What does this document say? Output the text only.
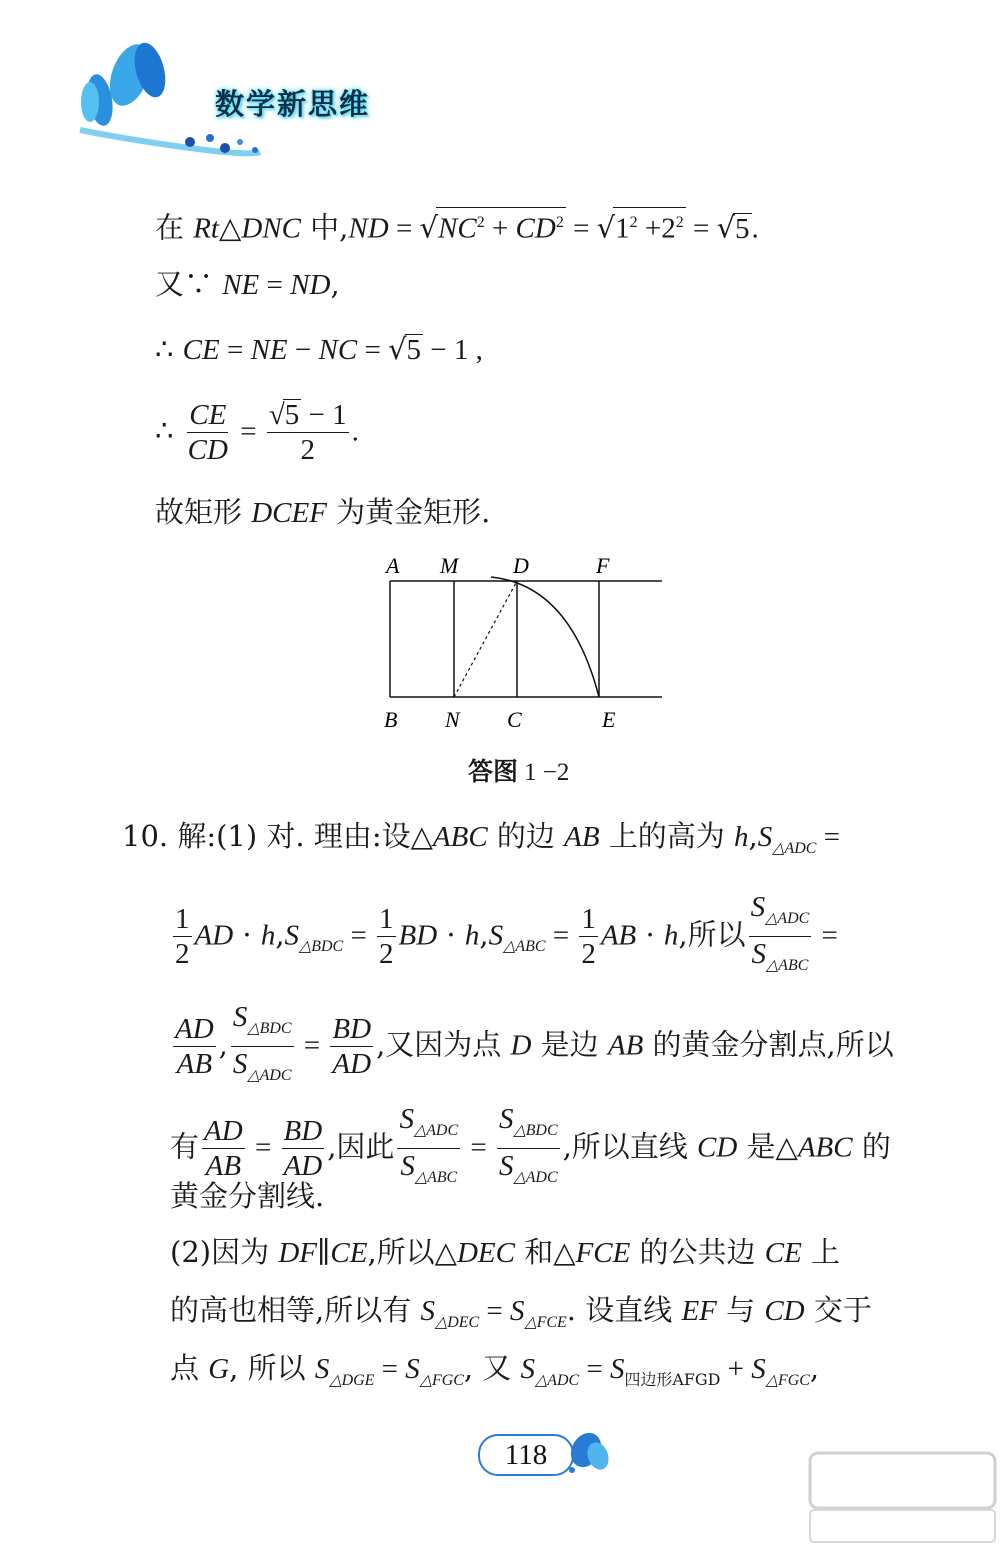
数学新思维
在 Rt△DNC 中$,ND = √NC^2 + CD^2 = √1^2 +2^2 = √5$.
又∵ NE = ND,
∴ CE = NE − NC = √5 − 1 ,
∴ $\frac{CE}{CD} = \frac{√5 - 1}{2}$ .
故矩形 DCEF 为黄金矩形.
A M D	F
B N C	E
答图 1 −2
10. 解:(1) 对. 理由:设△ABC 的边 AB 上的高为 $h,S_{\triangle ADC}$ =
$\frac{1}{2}$ AD · $h,S_{\triangle BDC} = \frac{1}{2}$ BD · $h,S_{\triangle ABC} = \frac{1}{2}$ AB · h,所以 $\frac{S_{\triangle ADC}}{S_{\triangle ABC}}$ =
$\frac{AD}{AB}$ , $\frac{S_{\triangle BDC}}{S_{\triangle ADC}} = \frac{BD}{AD}$ ,又因为点 D 是边 AB 的黄金分割点,所以
有 $\frac{AD}{AB} = \frac{BD}{AD}$ ,因此 $\frac{S_{\triangle ADC}}{S_{\triangle ABC}} = \frac{S_{\triangle BDC}}{S_{\triangle ADC}}$ ,所以直线 CD 是△ABC 的
黄金分割线.
(2)因为 DF∥CE,所以△DEC 和△FCE 的公共边 CE 上
的高也相等,所以有 $S_{\triangle DEC} = S_{\triangle FCE}$. 设直线 EF 与 CD 交于
点 G, 所以 $S_{\triangle DGE} = S_{\triangle FGC}$, 又 $S_{\triangle ADC} = S_{四边形AFGD} + S_{\triangle FGC}$,
118
